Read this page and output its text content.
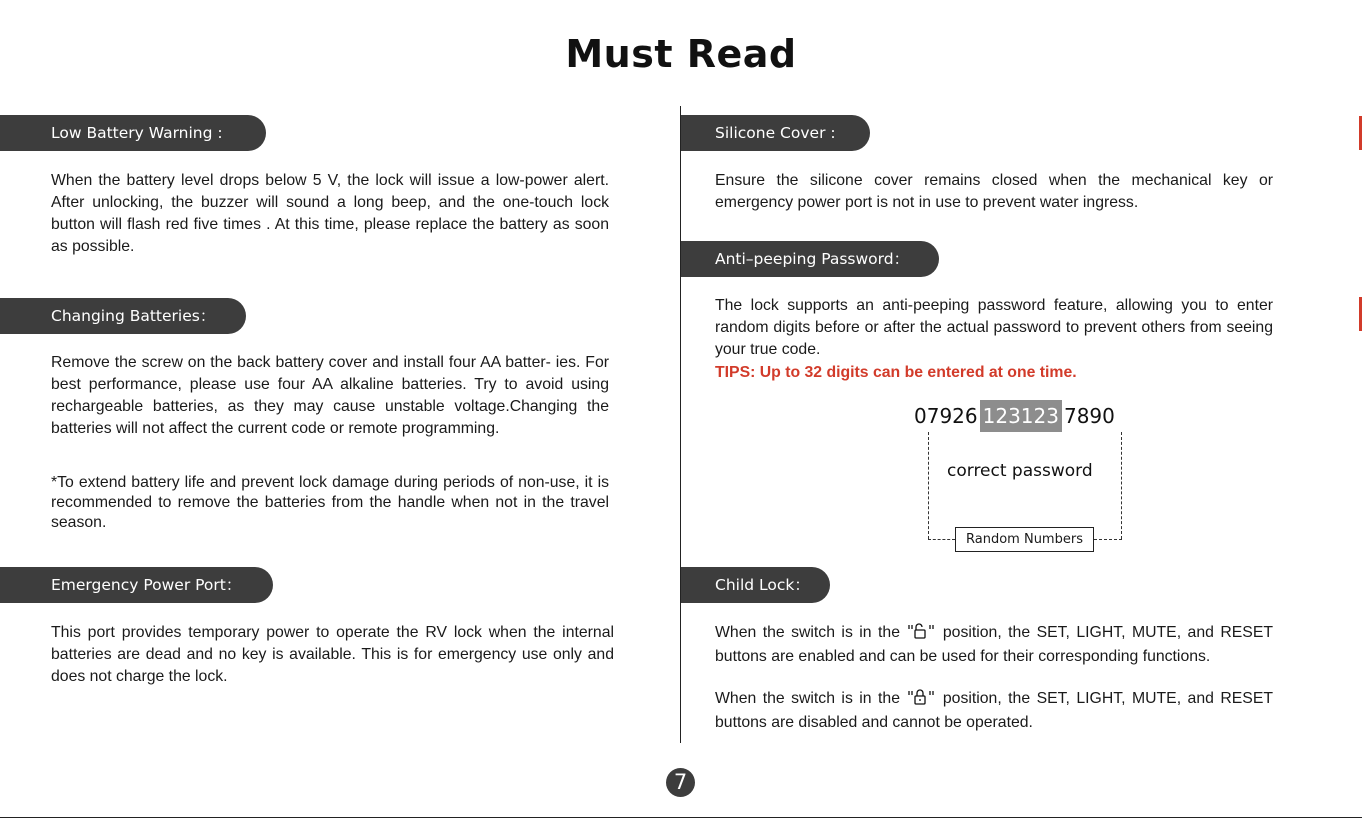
Must Read
Low Battery Warning :
When the battery level drops below 5 V, the lock will issue a low-power alert. After unlocking, the buzzer will sound a long beep, and the one-touch lock button will flash red five times . At this time, please replace the battery as soon as possible.
Changing Batteries：
Remove the screw on the back battery cover and install four AA batter- ies. For best performance, please use four AA alkaline batteries. Try to avoid using rechargeable batteries, as they may cause unstable voltage.Changing the batteries will not affect the current code or remote programming.
*To extend battery life and prevent lock damage during periods of non-use, it is recommended to remove the batteries from the handle when not in the travel season.
Emergency Power Port：
This port provides temporary power to operate the RV lock when the internal batteries are dead and no key is available. This is for emergency use only and does not charge the lock.
Silicone Cover :
Ensure the silicone cover remains closed when the mechanical key or emergency power port is not in use to prevent water ingress.
Anti–peeping Password：
The lock supports an anti-peeping password feature, allowing you to enter random digits before or after the actual password to prevent others from seeing your true code.
TIPS: Up to 32 digits can be entered at one time.
07926 123123 7890
correct password
Random Numbers
Child Lock：
When the switch is in the	position, the SET, LIGHT, MUTE, and RESET buttons are enabled and can be used for their corresponding functions.
When the switch is in the	position, the SET, LIGHT, MUTE, and RESET buttons are disabled and cannot be operated.
7
